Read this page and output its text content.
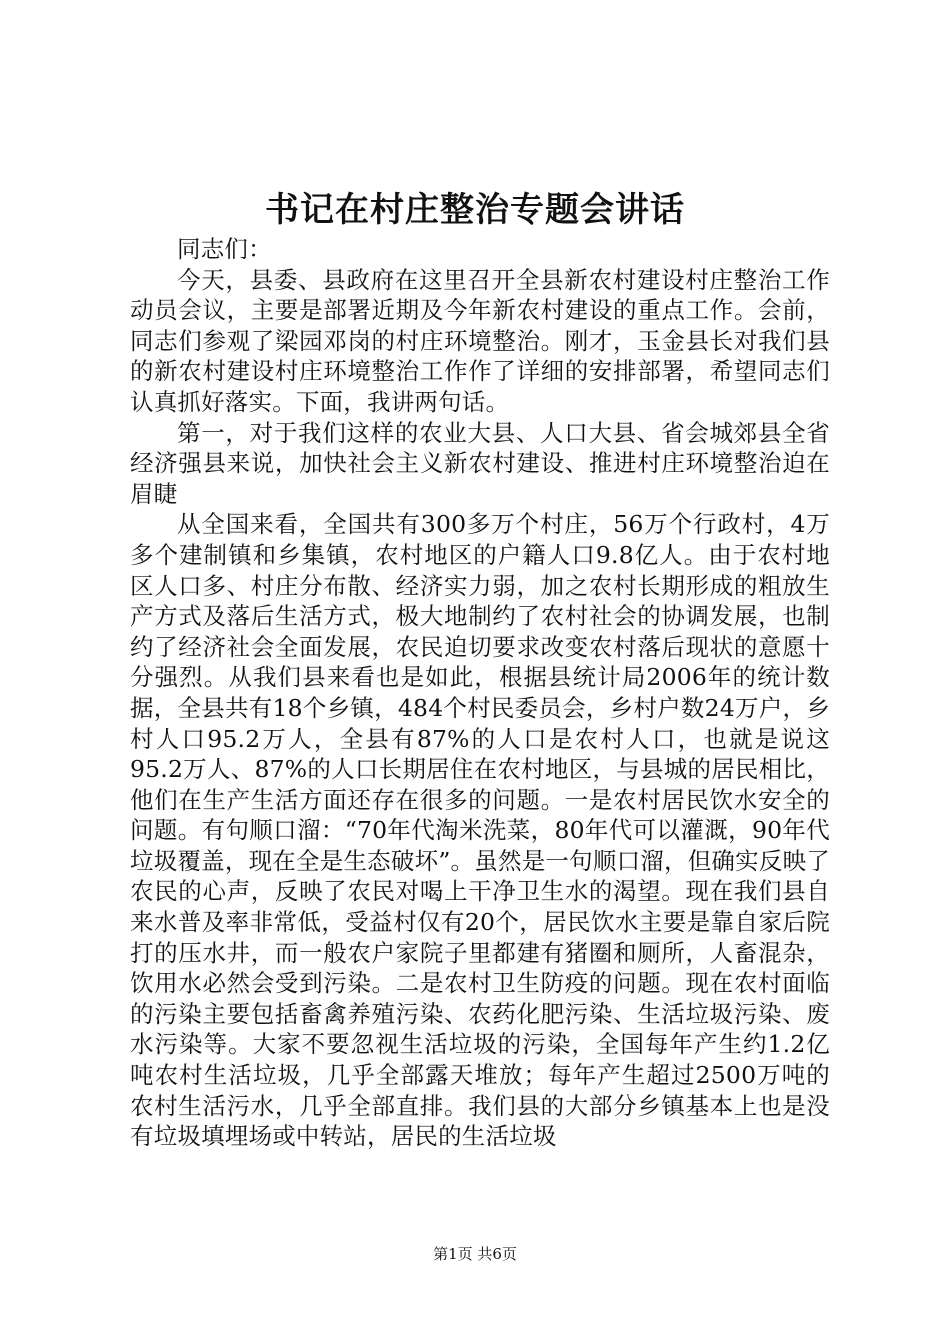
书记在村庄整治专题会讲话

同志们：

今天，县委、县政府在这里召开全县新农村建设村庄整治工作动员会议，主要是部署近期及今年新农村建设的重点工作。会前，同志们参观了梁园邓岗的村庄环境整治。刚才，玉金县长对我们县的新农村建设村庄环境整治工作作了详细的安排部署，希望同志们认真抓好落实。下面，我讲两句话。

第一，对于我们这样的农业大县、人口大县、省会城郊县全省经济强县来说，加快社会主义新农村建设、推进村庄环境整治迫在眉睫

从全国来看，全国共有300多万个村庄，56万个行政村，4万多个建制镇和乡集镇，农村地区的户籍人口9.8亿人。由于农村地区人口多、村庄分布散、经济实力弱，加之农村长期形成的粗放生产方式及落后生活方式，极大地制约了农村社会的协调发展，也制约了经济社会全面发展，农民迫切要求改变农村落后现状的意愿十分强烈。从我们县来看也是如此，根据县统计局2006年的统计数据，全县共有18个乡镇，484个村民委员会，乡村户数24万户，乡村人口95.2万人，全县有87%的人口是农村人口，也就是说这95.2万人、87%的人口长期居住在农村地区，与县城的居民相比，他们在生产生活方面还存在很多的问题。一是农村居民饮水安全的问题。有句顺口溜：“70年代淘米洗菜，80年代可以灌溉，90年代垃圾覆盖，现在全是生态破坏”。虽然是一句顺口溜，但确实反映了农民的心声，反映了农民对喝上干净卫生水的渴望。现在我们县自来水普及率非常低，受益村仅有20个，居民饮水主要是靠自家后院打的压水井，而一般农户家院子里都建有猪圈和厕所，人畜混杂，饮用水必然会受到污染。二是农村卫生防疫的问题。现在农村面临的污染主要包括畜禽养殖污染、农药化肥污染、生活垃圾污染、废水污染等。大家不要忽视生活垃圾的污染，全国每年产生约1.2亿吨农村生活垃圾，几乎全部露天堆放；每年产生超过2500万吨的农村生活污水，几乎全部直排。我们县的大部分乡镇基本上也是没有垃圾填埋场或中转站，居民的生活垃圾

第1页 共6页
